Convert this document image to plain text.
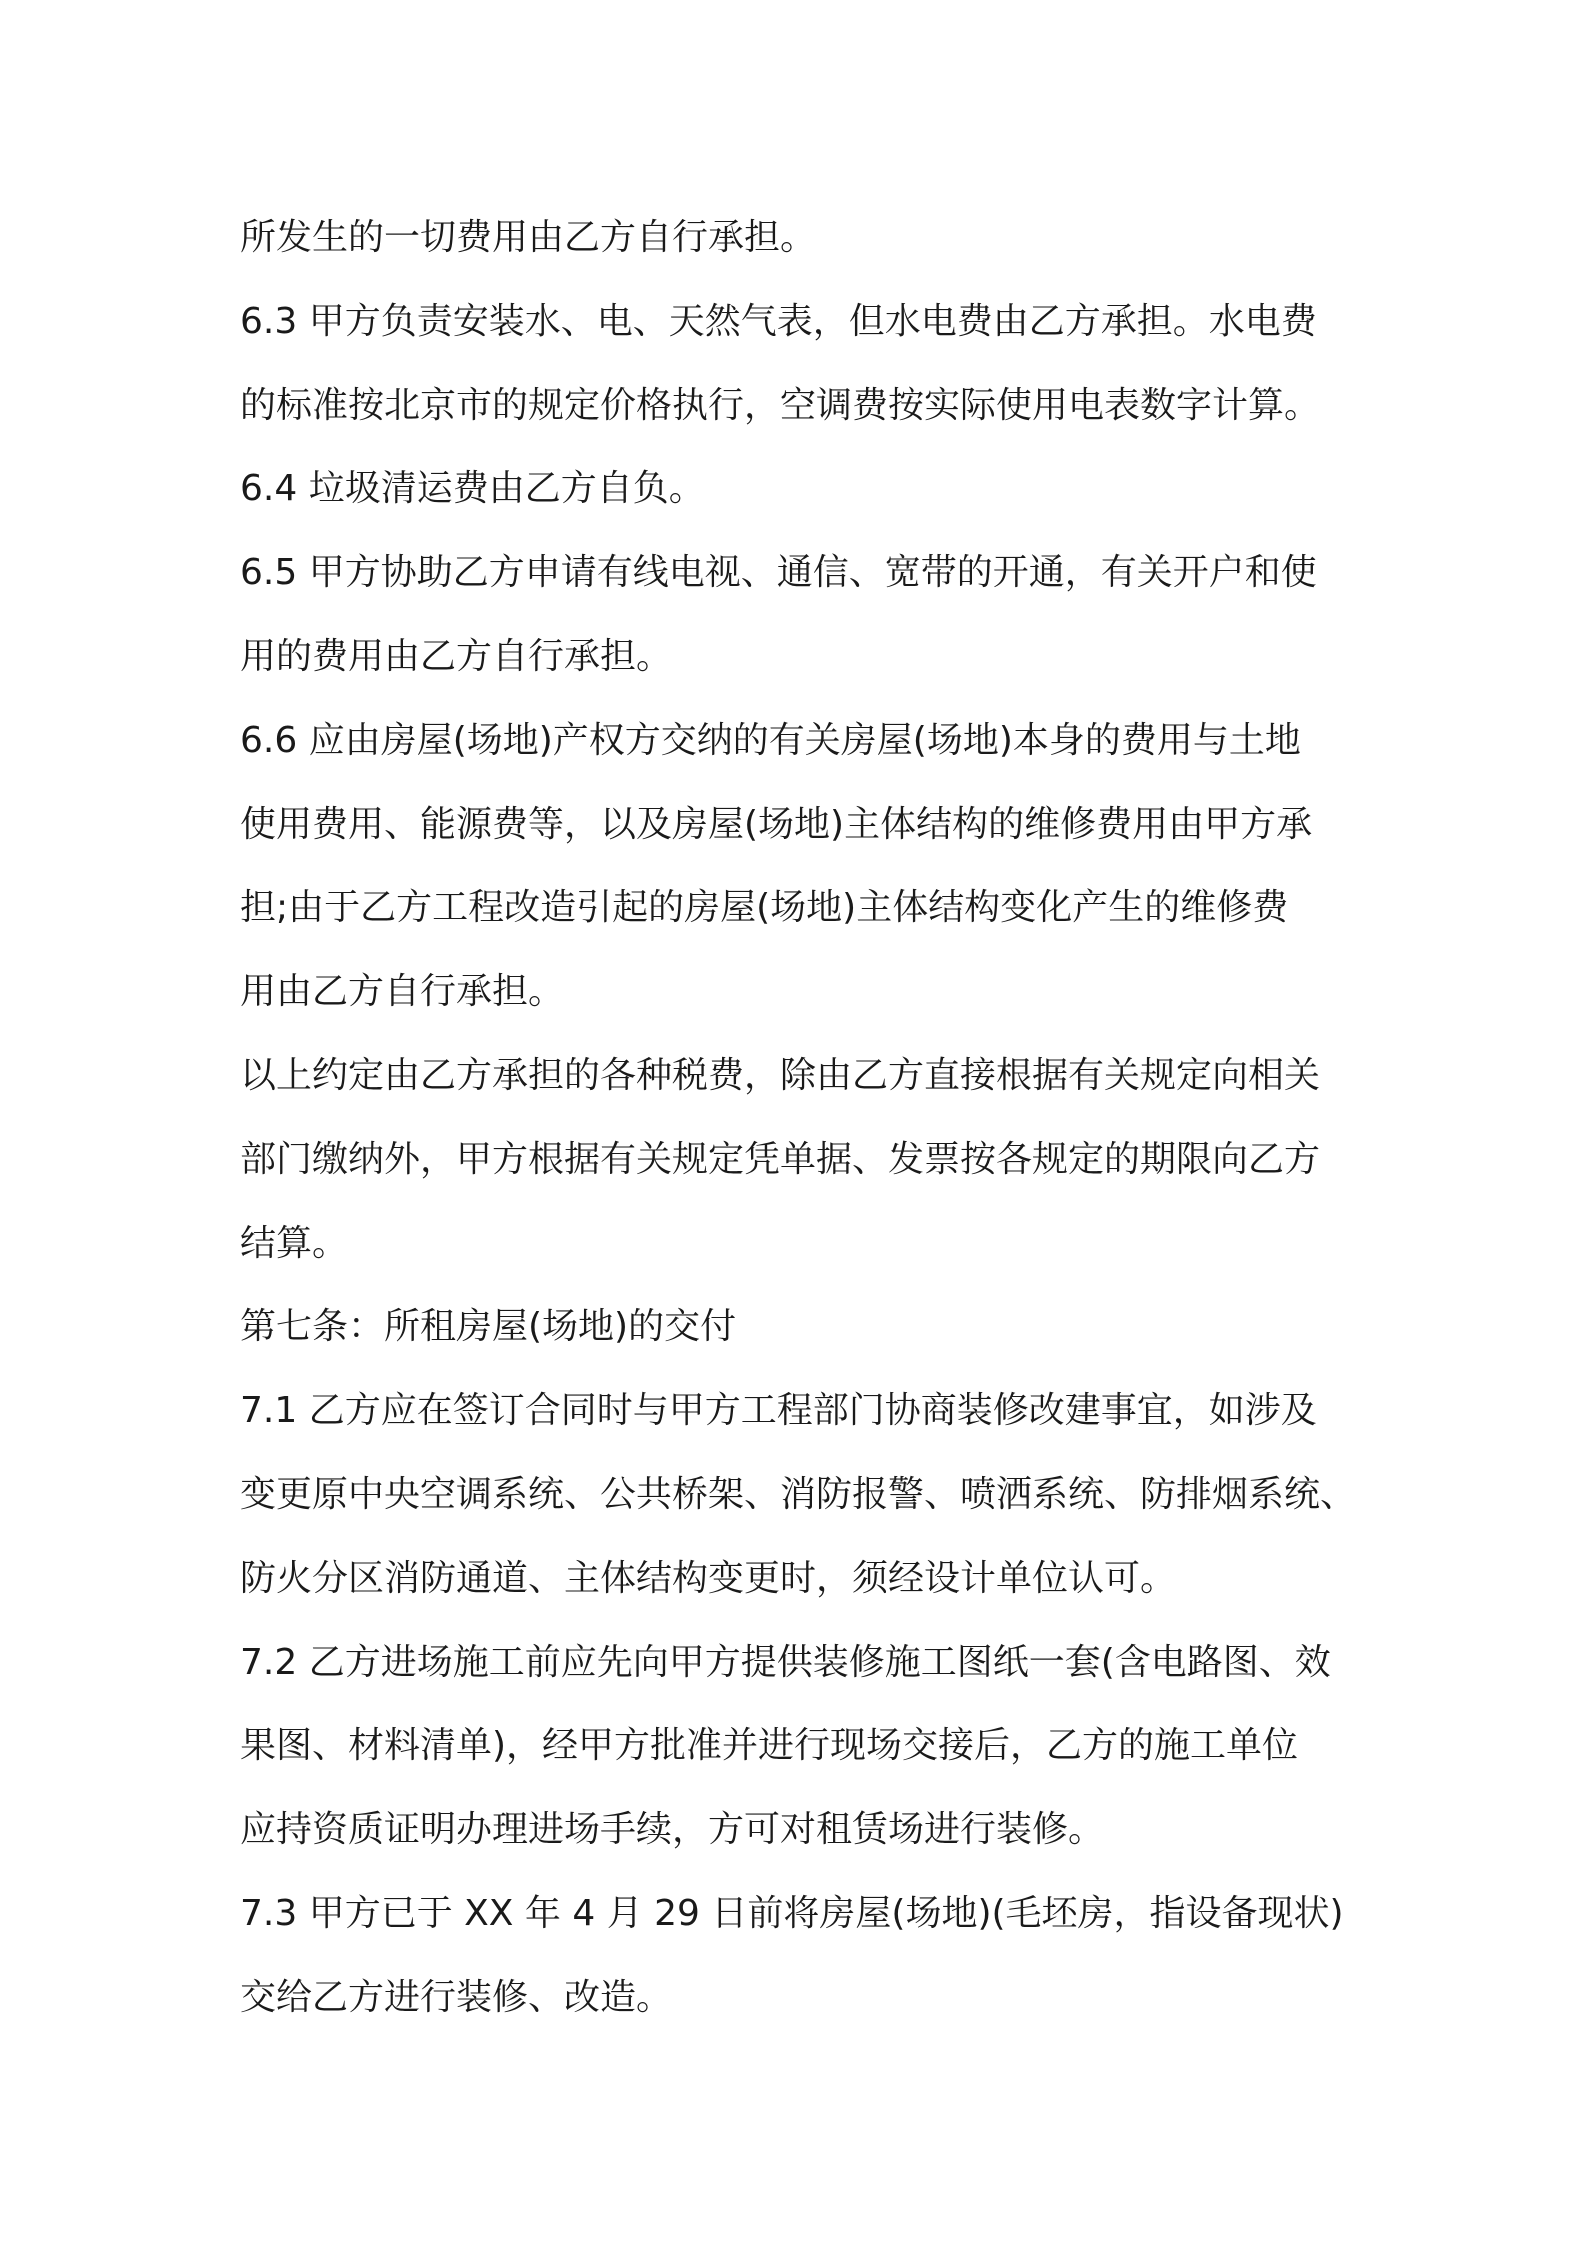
所发生的一切费用由乙方自行承担。
6.3 甲方负责安装水、电、天然气表，但水电费由乙方承担。水电费
的标准按北京市的规定价格执行，空调费按实际使用电表数字计算。
6.4 垃圾清运费由乙方自负。
6.5 甲方协助乙方申请有线电视、通信、宽带的开通，有关开户和使
用的费用由乙方自行承担。
6.6 应由房屋(场地)产权方交纳的有关房屋(场地)本身的费用与土地
使用费用、能源费等，以及房屋(场地)主体结构的维修费用由甲方承
担;由于乙方工程改造引起的房屋(场地)主体结构变化产生的维修费
用由乙方自行承担。
以上约定由乙方承担的各种税费，除由乙方直接根据有关规定向相关
部门缴纳外，甲方根据有关规定凭单据、发票按各规定的期限向乙方
结算。
第七条：所租房屋(场地)的交付
7.1 乙方应在签订合同时与甲方工程部门协商装修改建事宜，如涉及
变更原中央空调系统、公共桥架、消防报警、喷洒系统、防排烟系统、
防火分区消防通道、主体结构变更时，须经设计单位认可。
7.2 乙方进场施工前应先向甲方提供装修施工图纸一套(含电路图、效
果图、材料清单)，经甲方批准并进行现场交接后，乙方的施工单位
应持资质证明办理进场手续，方可对租赁场进行装修。
7.3 甲方已于 XX 年 4 月 29 日前将房屋(场地)(毛坯房，指设备现状)
交给乙方进行装修、改造。
